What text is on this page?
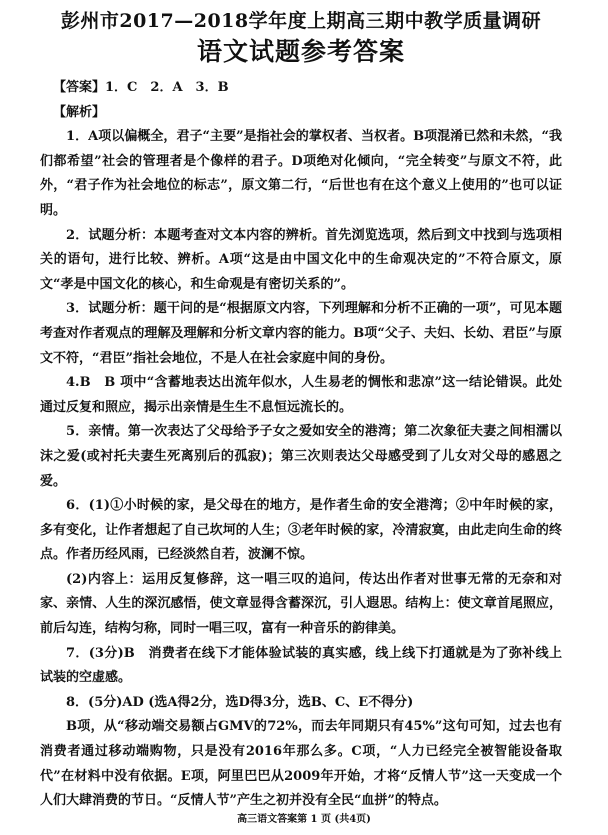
彭州市2017—2018学年度上期高三期中教学质量调研
语文试题参考答案

【答案】1．C　2．A　3．B

【解析】

1．A项以偏概全，君子“主要”是指社会的掌权者、当权者。B项混淆已然和未然，“我们都希望”社会的管理者是个像样的君子。D项绝对化倾向，“完全转变”与原文不符，此外，“君子作为社会地位的标志”，原文第二行，“后世也有在这个意义上使用的”也可以证明。

2．试题分析：本题考查对文本内容的辨析。首先浏览选项，然后到文中找到与选项相关的语句，进行比较、辨析。A项“这是由中国文化中的生命观决定的”不符合原文，原文“孝是中国文化的核心，和生命观是有密切关系的”。

3．试题分析：题干问的是“根据原文内容，下列理解和分析不正确的一项”，可见本题考查对作者观点的理解及理解和分析文章内容的能力。B项“父子、夫妇、长幼、君臣”与原文不符，“君臣”指社会地位，不是人在社会家庭中间的身份。

4.B　B 项中“含蓄地表达出流年似水，人生易老的惆怅和悲凉”这一结论错误。此处通过反复和照应，揭示出亲情是生生不息恒远流长的。

5．亲情。第一次表达了父母给予子女之爱如安全的港湾；第二次象征夫妻之间相濡以沫之爱(或衬托夫妻生死离别后的孤寂)；第三次则表达父母感受到了儿女对父母的感恩之爱。

6．(1)①小时候的家，是父母在的地方，是作者生命的安全港湾；②中年时候的家，多有变化，让作者想起了自己坎坷的人生；③老年时候的家，冷清寂寞，由此走向生命的终点。作者历经风雨，已经淡然自若，波澜不惊。

(2)内容上：运用反复修辞，这一唱三叹的追问，传达出作者对世事无常的无奈和对家、亲情、人生的深沉感悟，使文章显得含蓄深沉，引人遐思。结构上：使文章首尾照应，前后勾连，结构匀称，同时一唱三叹，富有一种音乐的韵律美。

7．(3分)B　消费者在线下才能体验试装的真实感，线上线下打通就是为了弥补线上试装的空虚感。

8．(5分)AD (选A得2分，选D得3分，选B、C、E不得分)

B项，从“移动端交易额占GMV的72%，而去年同期只有45%”这句可知，过去也有消费者通过移动端购物，只是没有2016年那么多。C项，“人力已经完全被智能设备取代”在材料中没有依据。E项，阿里巴巴从2009年开始，才将“反情人节”这一天变成一个人们大肆消费的节日。“反情人节”产生之初并没有全民“血拼”的特点。

高三语文答案第 1 页 (共4页)
